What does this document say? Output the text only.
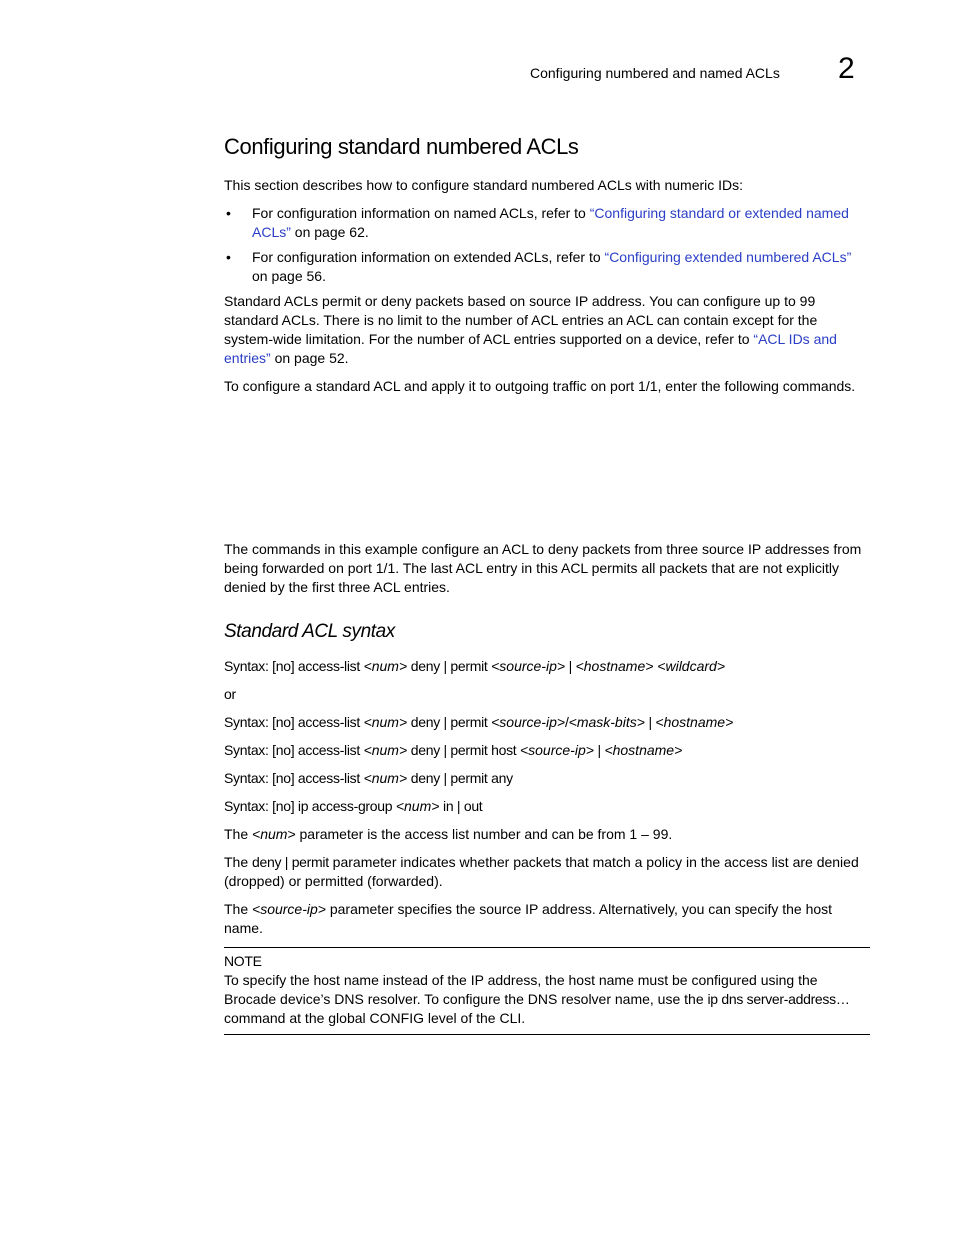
Configuring numbered and named ACLs 2
Configuring standard numbered ACLs

This section describes how to configure standard numbered ACLs with numeric IDs:

• For configuration information on named ACLs, refer to “Configuring standard or extended named ACLs” on page 62.
• For configuration information on extended ACLs, refer to “Configuring extended numbered ACLs” on page 56.

Standard ACLs permit or deny packets based on source IP address. You can configure up to 99 standard ACLs. There is no limit to the number of ACL entries an ACL can contain except for the system-wide limitation. For the number of ACL entries supported on a device, refer to “ACL IDs and entries” on page 52.

To configure a standard ACL and apply it to outgoing traffic on port 1/1, enter the following commands.

The commands in this example configure an ACL to deny packets from three source IP addresses from being forwarded on port 1/1. The last ACL entry in this ACL permits all packets that are not explicitly denied by the first three ACL entries.

Standard ACL syntax

Syntax: [no] access-list <num> deny | permit <source-ip> | <hostname> <wildcard>

or

Syntax: [no] access-list <num> deny | permit <source-ip>/<mask-bits> | <hostname>

Syntax: [no] access-list <num> deny | permit host <source-ip> | <hostname>

Syntax: [no] access-list <num> deny | permit any

Syntax: [no] ip access-group <num> in | out

The <num> parameter is the access list number and can be from 1 – 99.

The deny | permit parameter indicates whether packets that match a policy in the access list are denied (dropped) or permitted (forwarded).

The <source-ip> parameter specifies the source IP address. Alternatively, you can specify the host name.

NOTE
To specify the host name instead of the IP address, the host name must be configured using the Brocade device’s DNS resolver. To configure the DNS resolver name, use the ip dns server-address… command at the global CONFIG level of the CLI.
